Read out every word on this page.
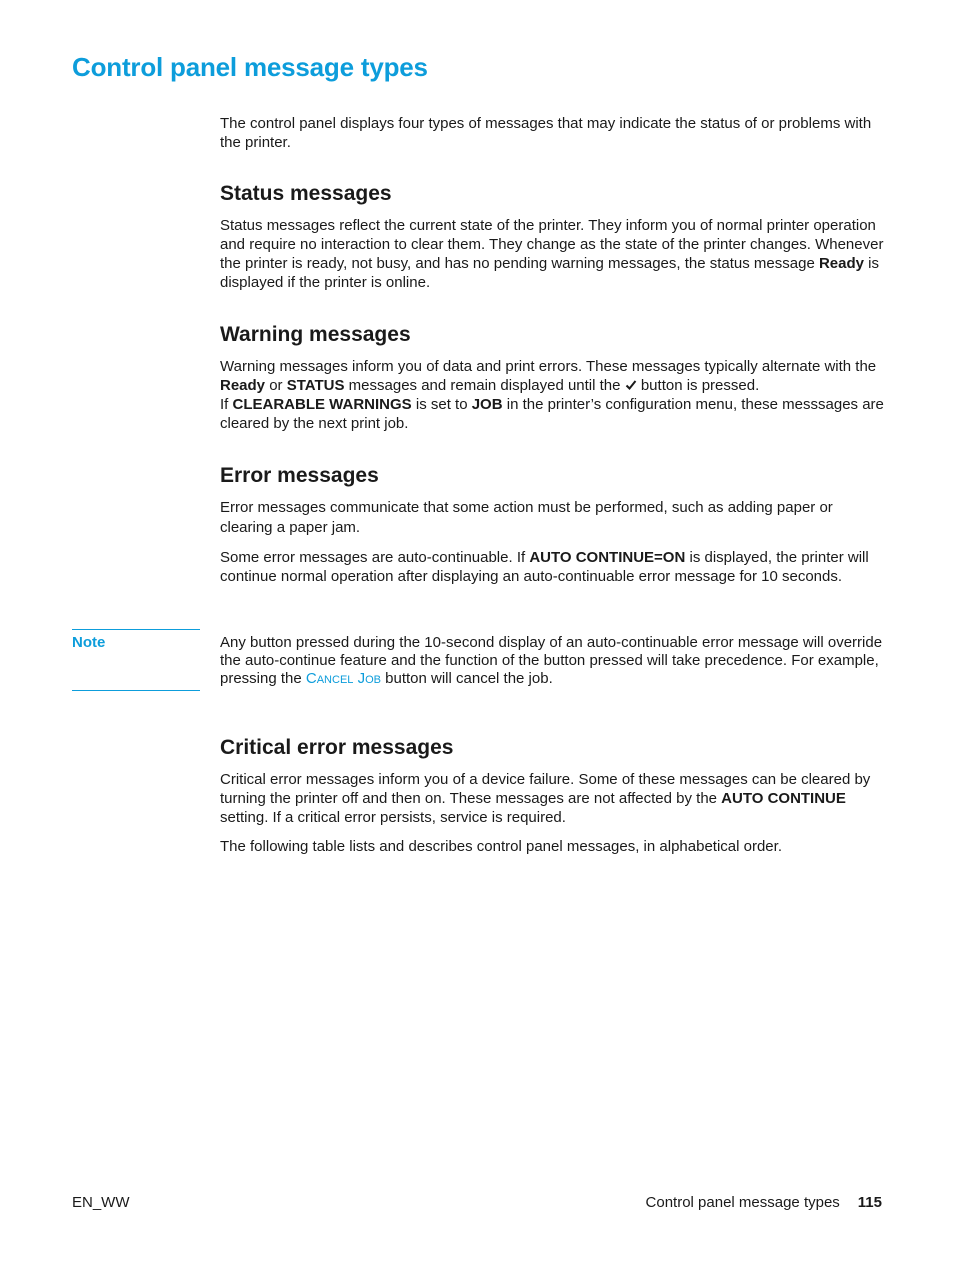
Control panel message types

The control panel displays four types of messages that may indicate the status of or problems with the printer.

Status messages

Status messages reflect the current state of the printer. They inform you of normal printer operation and require no interaction to clear them. They change as the state of the printer changes. Whenever the printer is ready, not busy, and has no pending warning messages, the status message Ready is displayed if the printer is online.

Warning messages

Warning messages inform you of data and print errors. These messages typically alternate with the Ready or STATUS messages and remain displayed until the  button is pressed.
If CLEARABLE WARNINGS is set to JOB in the printer’s configuration menu, these messsages are cleared by the next print job.

Error messages

Error messages communicate that some action must be performed, such as adding paper or clearing a paper jam.

Some error messages are auto-continuable. If AUTO CONTINUE=ON is displayed, the printer will continue normal operation after displaying an auto-continuable error message for 10 seconds.

Note	Any button pressed during the 10-second display of an auto-continuable error message will override the auto-continue feature and the function of the button pressed will take precedence. For example, pressing the Cancel Job button will cancel the job.

Critical error messages

Critical error messages inform you of a device failure. Some of these messages can be cleared by turning the printer off and then on. These messages are not affected by the AUTO CONTINUE setting. If a critical error persists, service is required.

The following table lists and describes control panel messages, in alphabetical order.

EN_WW	Control panel message types 115
